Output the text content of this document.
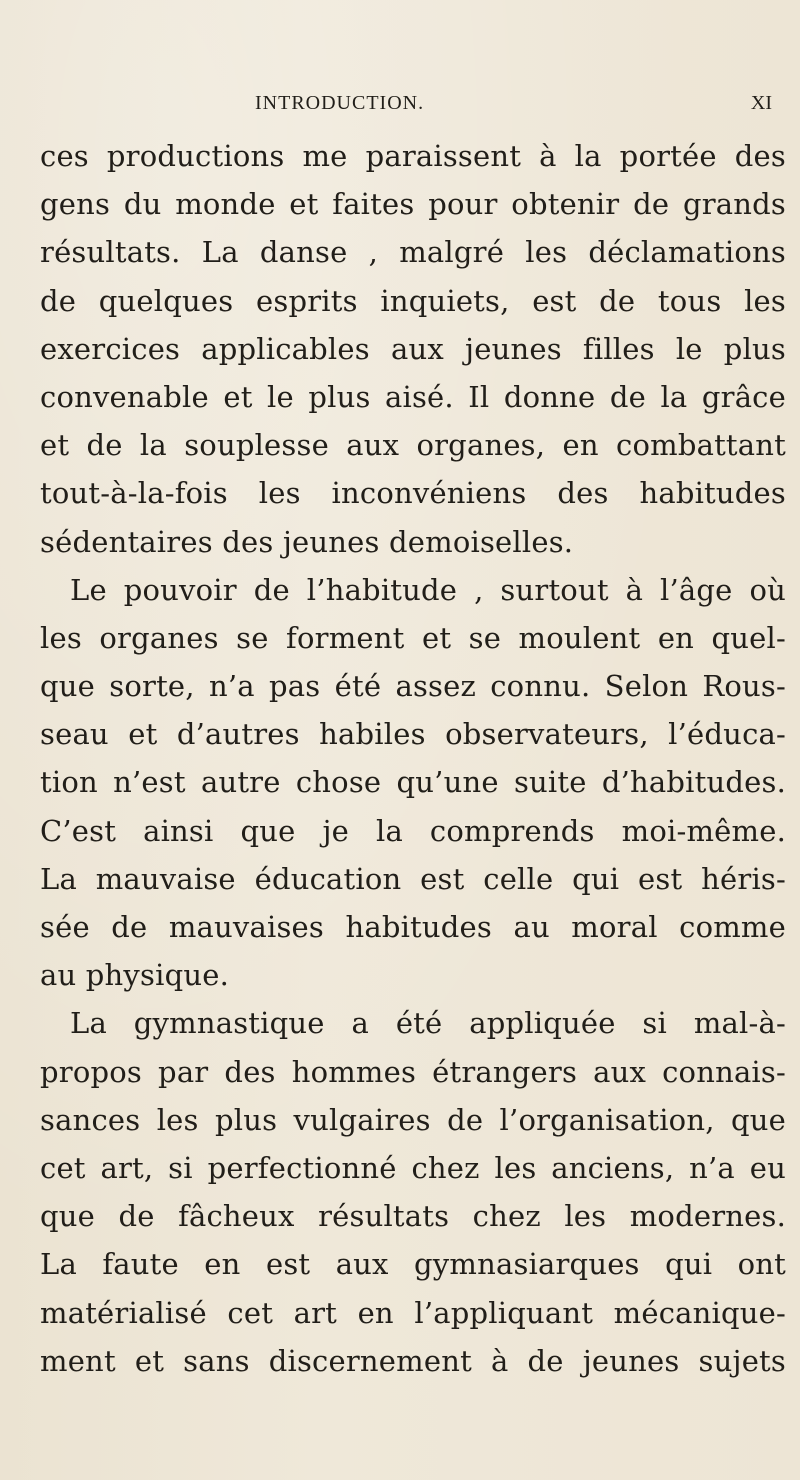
INTRODUCTION.	XI
ces productions me paraissent à la portée des
gens du monde et faites pour obtenir de grands
résultats. La danse , malgré les déclamations
de quelques esprits inquiets, est de tous les
exercices applicables aux jeunes filles le plus
convenable et le plus aisé. Il donne de la grâce
et de la souplesse aux organes, en combattant
tout-à-la-fois les inconvéniens des habitudes
sédentaires des jeunes demoiselles.
Le pouvoir de l’habitude , surtout à l’âge où
les organes se forment et se moulent en quel-
que sorte, n’a pas été assez connu. Selon Rous-
seau et d’autres habiles observateurs, l’éduca-
tion n’est autre chose qu’une suite d’habitudes.
C’est ainsi que je la comprends moi-même.
La mauvaise éducation est celle qui est héris-
sée de mauvaises habitudes au moral comme
au physique.
La gymnastique a été appliquée si mal-à-
propos par des hommes étrangers aux connais-
sances les plus vulgaires de l’organisation, que
cet art, si perfectionné chez les anciens, n’a eu
que de fâcheux résultats chez les modernes.
La faute en est aux gymnasiarques qui ont
matérialisé cet art en l’appliquant mécanique-
ment et sans discernement à de jeunes sujets
